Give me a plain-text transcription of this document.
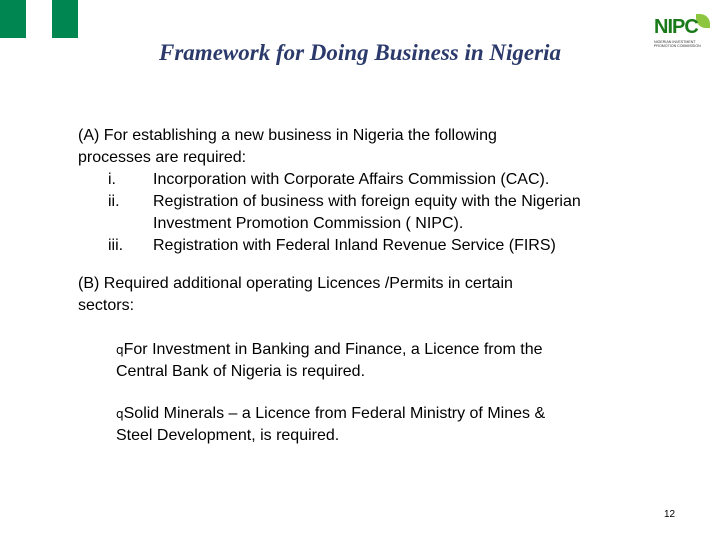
NIPC
NIGERIAN INVESTMENT PROMOTION COMMISSION
Framework for Doing Business in Nigeria
(A) For establishing a new business in Nigeria the following
processes are required:
i.	Incorporation with Corporate Affairs Commission (CAC).
ii.	Registration of business with foreign equity with the Nigerian
Investment Promotion Commission ( NIPC).
iii.	Registration with Federal Inland Revenue Service (FIRS)
(B) Required additional operating Licences /Permits in certain
sectors:
qFor Investment in Banking and Finance, a Licence from the
Central Bank of Nigeria is required.
qSolid Minerals – a Licence from Federal Ministry of Mines &
Steel Development, is required.
12
